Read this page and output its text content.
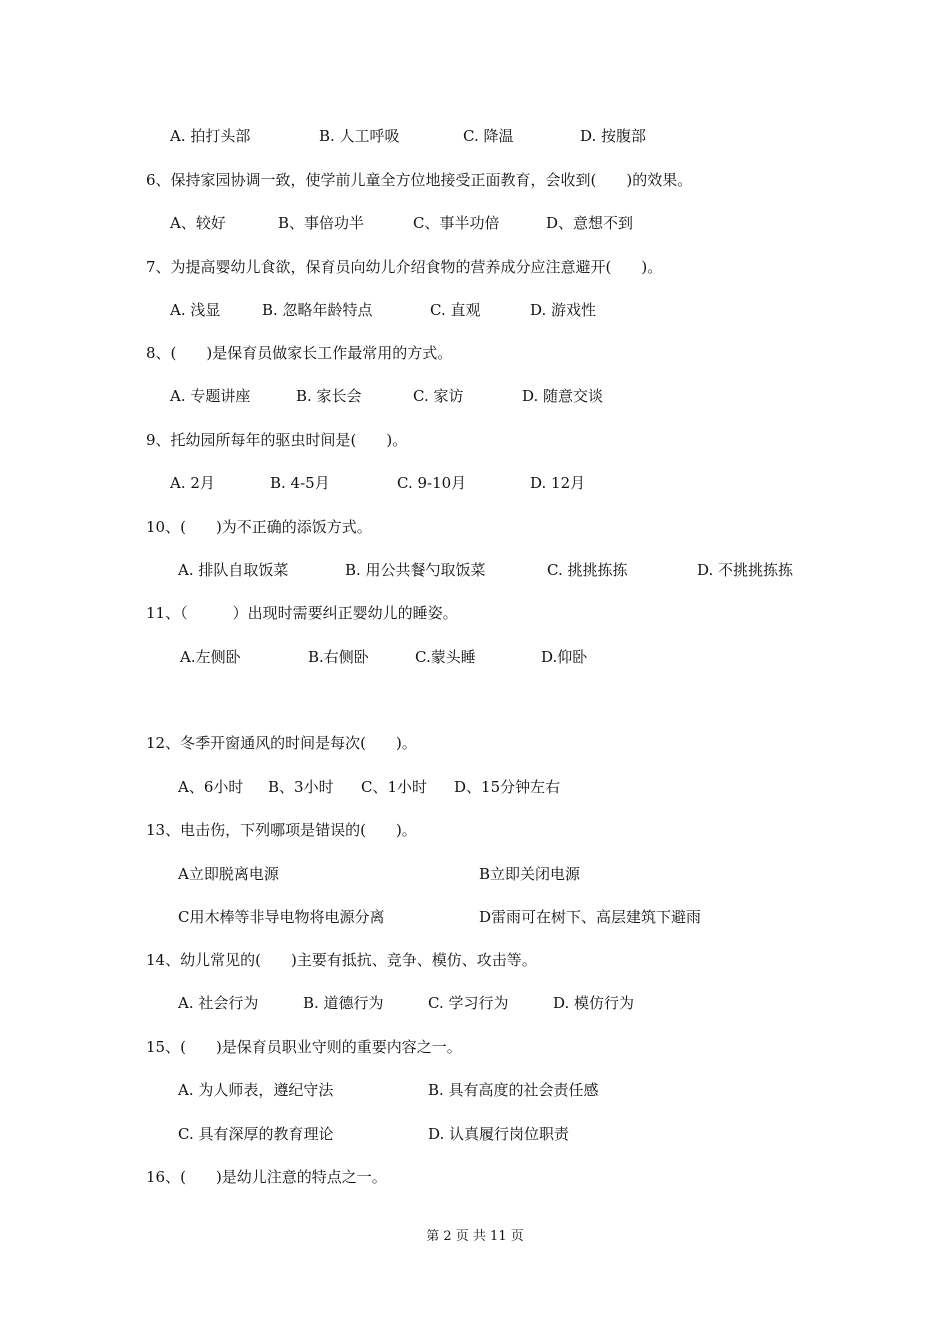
A. 拍打头部	B. 人工呼吸	C. 降温	D. 按腹部
6、保持家园协调一致，使学前儿童全方位地接受正面教育，会收到(　　)的效果。
A、较好	B、事倍功半	C、事半功倍	D、意想不到
7、为提高婴幼儿食欲，保育员向幼儿介绍食物的营养成分应注意避开(　　)。
A. 浅显	B. 忽略年龄特点	C. 直观	D. 游戏性
8、(　　)是保育员做家长工作最常用的方式。
A. 专题讲座	B. 家长会	C. 家访	D. 随意交谈
9、托幼园所每年的驱虫时间是(　　)。
A. 2月	B. 4-5月	C. 9-10月	D. 12月
10、(　　)为不正确的添饭方式。
A. 排队自取饭菜	B. 用公共餐勺取饭菜	C. 挑挑拣拣	D. 不挑挑拣拣
11、（　　　）出现时需要纠正婴幼儿的睡姿。
A.左侧卧	B.右侧卧	C.蒙头睡	D.仰卧
12、冬季开窗通风的时间是每次(　　)。
A、6小时 B、3小时 C、1小时 D、15分钟左右
13、电击伤，下列哪项是错误的(　　)。
A立即脱离电源	B立即关闭电源
C用木棒等非导电物将电源分离	D雷雨可在树下、高层建筑下避雨
14、幼儿常见的(　　)主要有抵抗、竞争、模仿、攻击等。
A. 社会行为	B. 道德行为	C. 学习行为	D. 模仿行为
15、(　　)是保育员职业守则的重要内容之一。
A. 为人师表，遵纪守法	B. 具有高度的社会责任感
C. 具有深厚的教育理论	D. 认真履行岗位职责
16、(　　)是幼儿注意的特点之一。
第 2 页 共 11 页
